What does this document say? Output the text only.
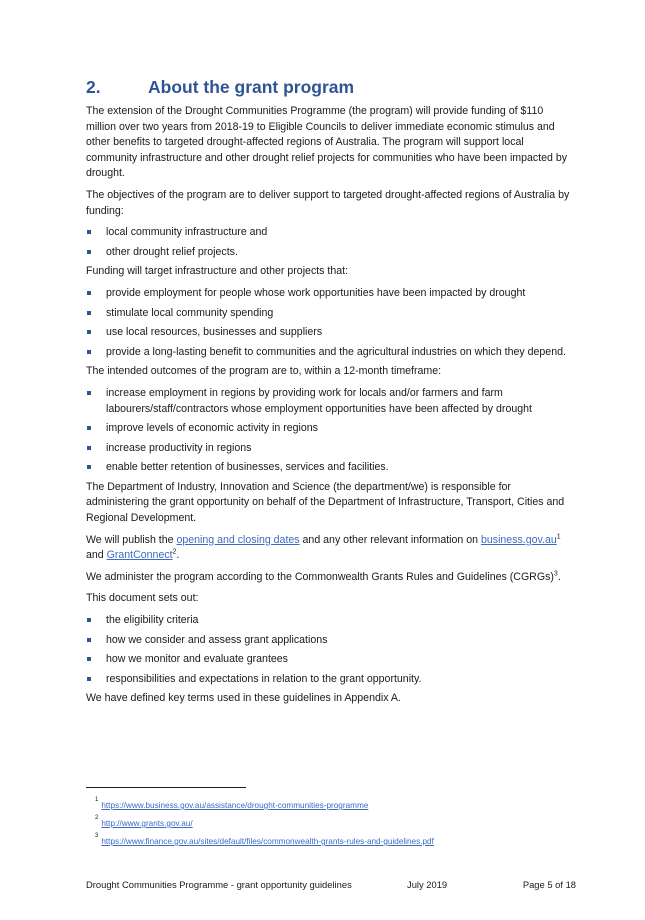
2.	About the grant program

The extension of the Drought Communities Programme (the program) will provide funding of $110 million over two years from 2018-19 to Eligible Councils to deliver immediate economic stimulus and other benefits to targeted drought-affected regions of Australia. The program will support local community infrastructure and other drought relief projects for communities who have been impacted by drought.

The objectives of the program are to deliver support to targeted drought-affected regions of Australia by funding:

local community infrastructure and
other drought relief projects.

Funding will target infrastructure and other projects that:

provide employment for people whose work opportunities have been impacted by drought
stimulate local community spending
use local resources, businesses and suppliers
provide a long-lasting benefit to communities and the agricultural industries on which they depend.

The intended outcomes of the program are to, within a 12-month timeframe:

increase employment in regions by providing work for locals and/or farmers and farm labourers/staff/contractors whose employment opportunities have been affected by drought
improve levels of economic activity in regions
increase productivity in regions
enable better retention of businesses, services and facilities.

The Department of Industry, Innovation and Science (the department/we) is responsible for administering the grant opportunity on behalf of the Department of Infrastructure, Transport, Cities and Regional Development.

We will publish the opening and closing dates and any other relevant information on $business.gov.au^1$ and GrantConnect$^2$.

We administer the program according to the Commonwealth Grants Rules and Guidelines (CGRGs)$^3$.

This document sets out:

the eligibility criteria
how we consider and assess grant applications
how we monitor and evaluate grantees
responsibilities and expectations in relation to the grant opportunity.

We have defined key terms used in these guidelines in Appendix A.

1
https://www.business.gov.au/assistance/drought-communities-programme
2
http://www.grants.gov.au/
3
https://www.finance.gov.au/sites/default/files/commonwealth-grants-rules-and-guidelines.pdf
Drought Communities Programme - grant opportunity guidelines	July 2019	Page 5 of 18
